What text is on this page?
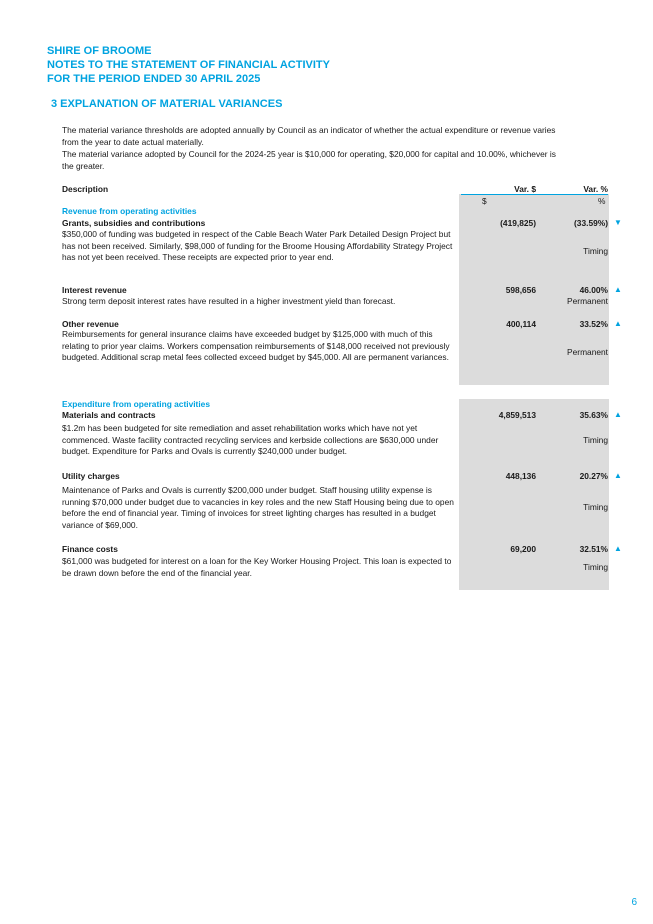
SHIRE OF BROOME
NOTES TO THE STATEMENT OF FINANCIAL ACTIVITY
FOR THE PERIOD ENDED 30 APRIL 2025
3 EXPLANATION OF MATERIAL VARIANCES
The material variance thresholds are adopted annually by Council as an indicator of whether the actual expenditure or revenue varies from the year to date actual materially.
The material variance adopted by Council for the 2024-25 year is $10,000 for operating, $20,000 for capital and 10.00%, whichever is the greater.
Description	Var. $	Var. %
$	%
Revenue from operating activities
Grants, subsidies and contributions
$350,000 of funding was budgeted in respect of the Cable Beach Water Park Detailed Design Project but has not been received. Similarly, $98,000 of funding for the Broome Housing Affordability Strategy Project has not yet been received. These receipts are expected prior to year end.
(419,825)	(33.59%)
Timing
▼
Interest revenue
Strong term deposit interest rates have resulted in a higher investment yield than forecast.
598,656	46.00%
Permanent
▲
Other revenue
Reimbursements for general insurance claims have exceeded budget by $125,000 with much of this relating to prior year claims. Workers compensation reimbursements of $148,000 received not previously budgeted. Additional scrap metal fees collected exceed budget by $45,000. All are permanent variances.
400,114	33.52%
Permanent
▲
Expenditure from operating activities
Materials and contracts
$1.2m has been budgeted for site remediation and asset rehabilitation works which have not yet commenced. Waste facility contracted recycling services and kerbside collections are $630,000 under budget. Expenditure for Parks and Ovals is currently $240,000 under budget.
4,859,513	35.63%
Timing
▲
Utility charges
Maintenance of Parks and Ovals is currently $200,000 under budget. Staff housing utility expense is running $70,000 under budget due to vacancies in key roles and the new Staff Housing being due to open before the end of financial year. Timing of invoices for street lighting charges has resulted in a budget variance of $69,000.
448,136	20.27%
Timing
▲
Finance costs
$61,000 was budgeted for interest on a loan for the Key Worker Housing Project. This loan is expected to be drawn down before the end of the financial year.
69,200	32.51%
Timing
▲
6
